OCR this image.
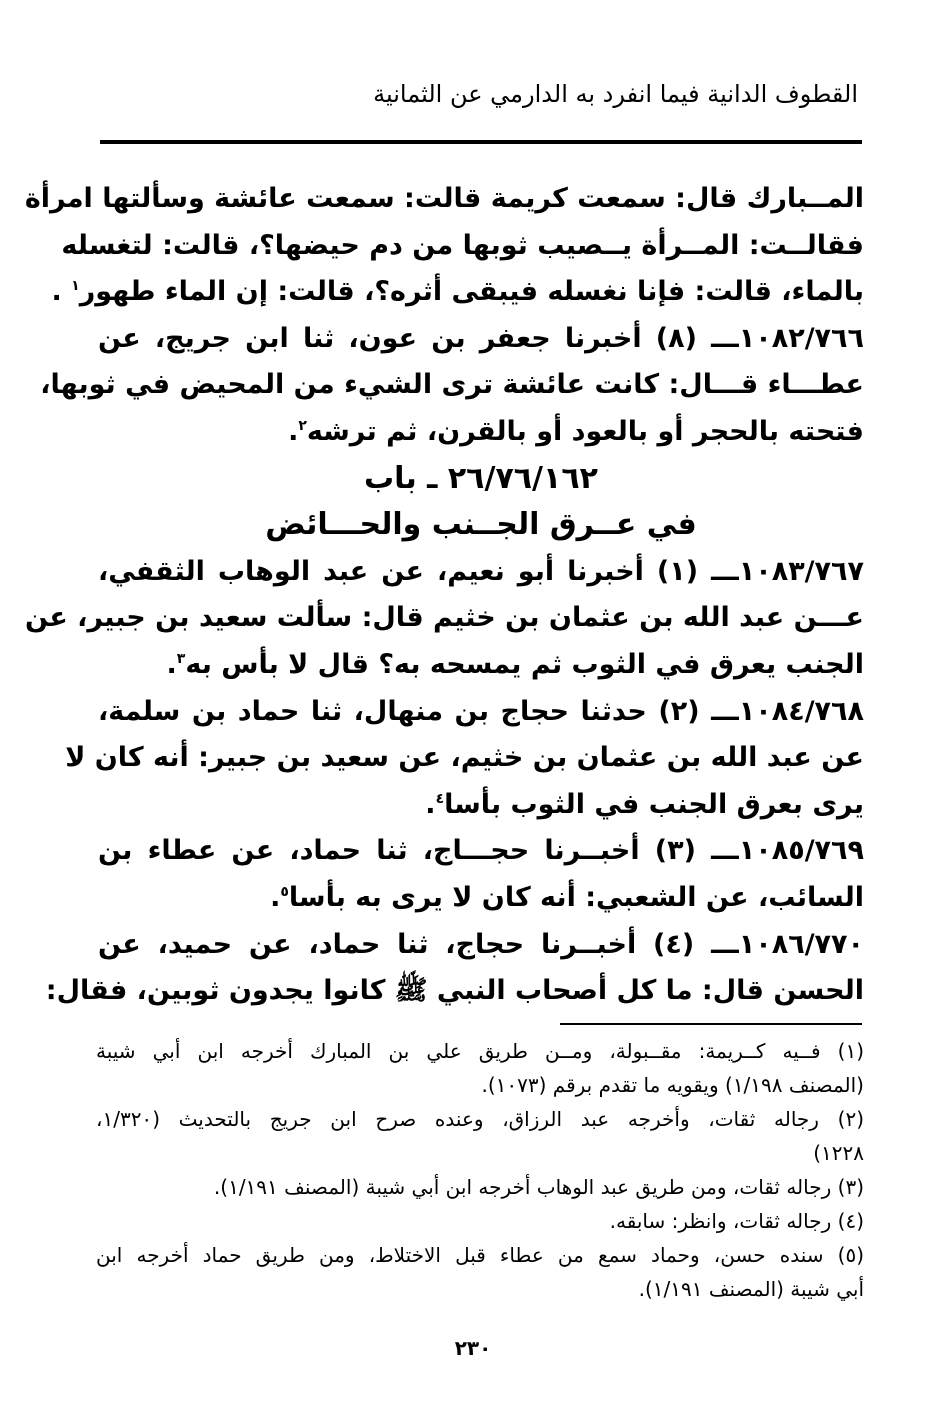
القطوف الدانية فيما انفرد به الدارمي عن الثمانية
المــبارك قال: سمعت كريمة قالت: سمعت عائشة وسألتها امرأة
فقالــت: المــرأة يــصيب ثوبها من دم حيضها؟، قالت: لتغسله
بالماء، قالت: فإنا نغسله فيبقى أثره؟، قالت: إن الماء طهور$^١$ .
١٠٨٢/٧٦٦ـــ (٨) أخبرنا جعفر بن عون، ثنا ابن جريج، عن
عطـــاء قـــال: كانت عائشة ترى الشيء من المحيض في ثوبها،
فتحته بالحجر أو بالعود أو بالقرن، ثم ترشه$^٢$.
٢٦/٧٦/١٦٢ ـ باب
في عــرق الجــنب والحـــائض
١٠٨٣/٧٦٧ـــ (١) أخبرنا أبو نعيم، عن عبد الوهاب الثقفي،
عـــن عبد الله بن عثمان بن خثيم قال: سألت سعيد بن جبير، عن
الجنب يعرق في الثوب ثم يمسحه به؟ قال لا بأس به$^٣$.
١٠٨٤/٧٦٨ـــ (٢) حدثنا حجاج بن منهال، ثنا حماد بن سلمة،
عن عبد الله بن عثمان بن خثيم، عن سعيد بن جبير: أنه كان لا
يرى بعرق الجنب في الثوب بأسا$^٤$.
١٠٨٥/٧٦٩ـــ (٣) أخبــرنا حجـــاج، ثنا حماد، عن عطاء بن
السائب، عن الشعبي: أنه كان لا يرى به بأسا$^٥$.
١٠٨٦/٧٧٠ـــ (٤) أخبــرنا حجاج، ثنا حماد، عن حميد، عن
الحسن قال: ما كل أصحاب النبي ﷺ كانوا يجدون ثوبين، فقال:
(١) فــيه كــريمة: مقــبولة، ومــن طريق علي بن المبارك أخرجه ابن أبي شيبة
(المصنف ١/١٩٨) ويقويه ما تقدم برقم (١٠٧٣).
(٢) رجاله ثقات، وأخرجه عبد الرزاق، وعنده صرح ابن جريج بالتحديث (١/٣٢٠،
١٢٢٨)
(٣) رجاله ثقات، ومن طريق عبد الوهاب أخرجه ابن أبي شيبة (المصنف ١/١٩١).
(٤) رجاله ثقات، وانظر: سابقه.
(٥) سنده حسن، وحماد سمع من عطاء قبل الاختلاط، ومن طريق حماد أخرجه ابن
أبي شيبة (المصنف ١/١٩١).
٢٣٠
